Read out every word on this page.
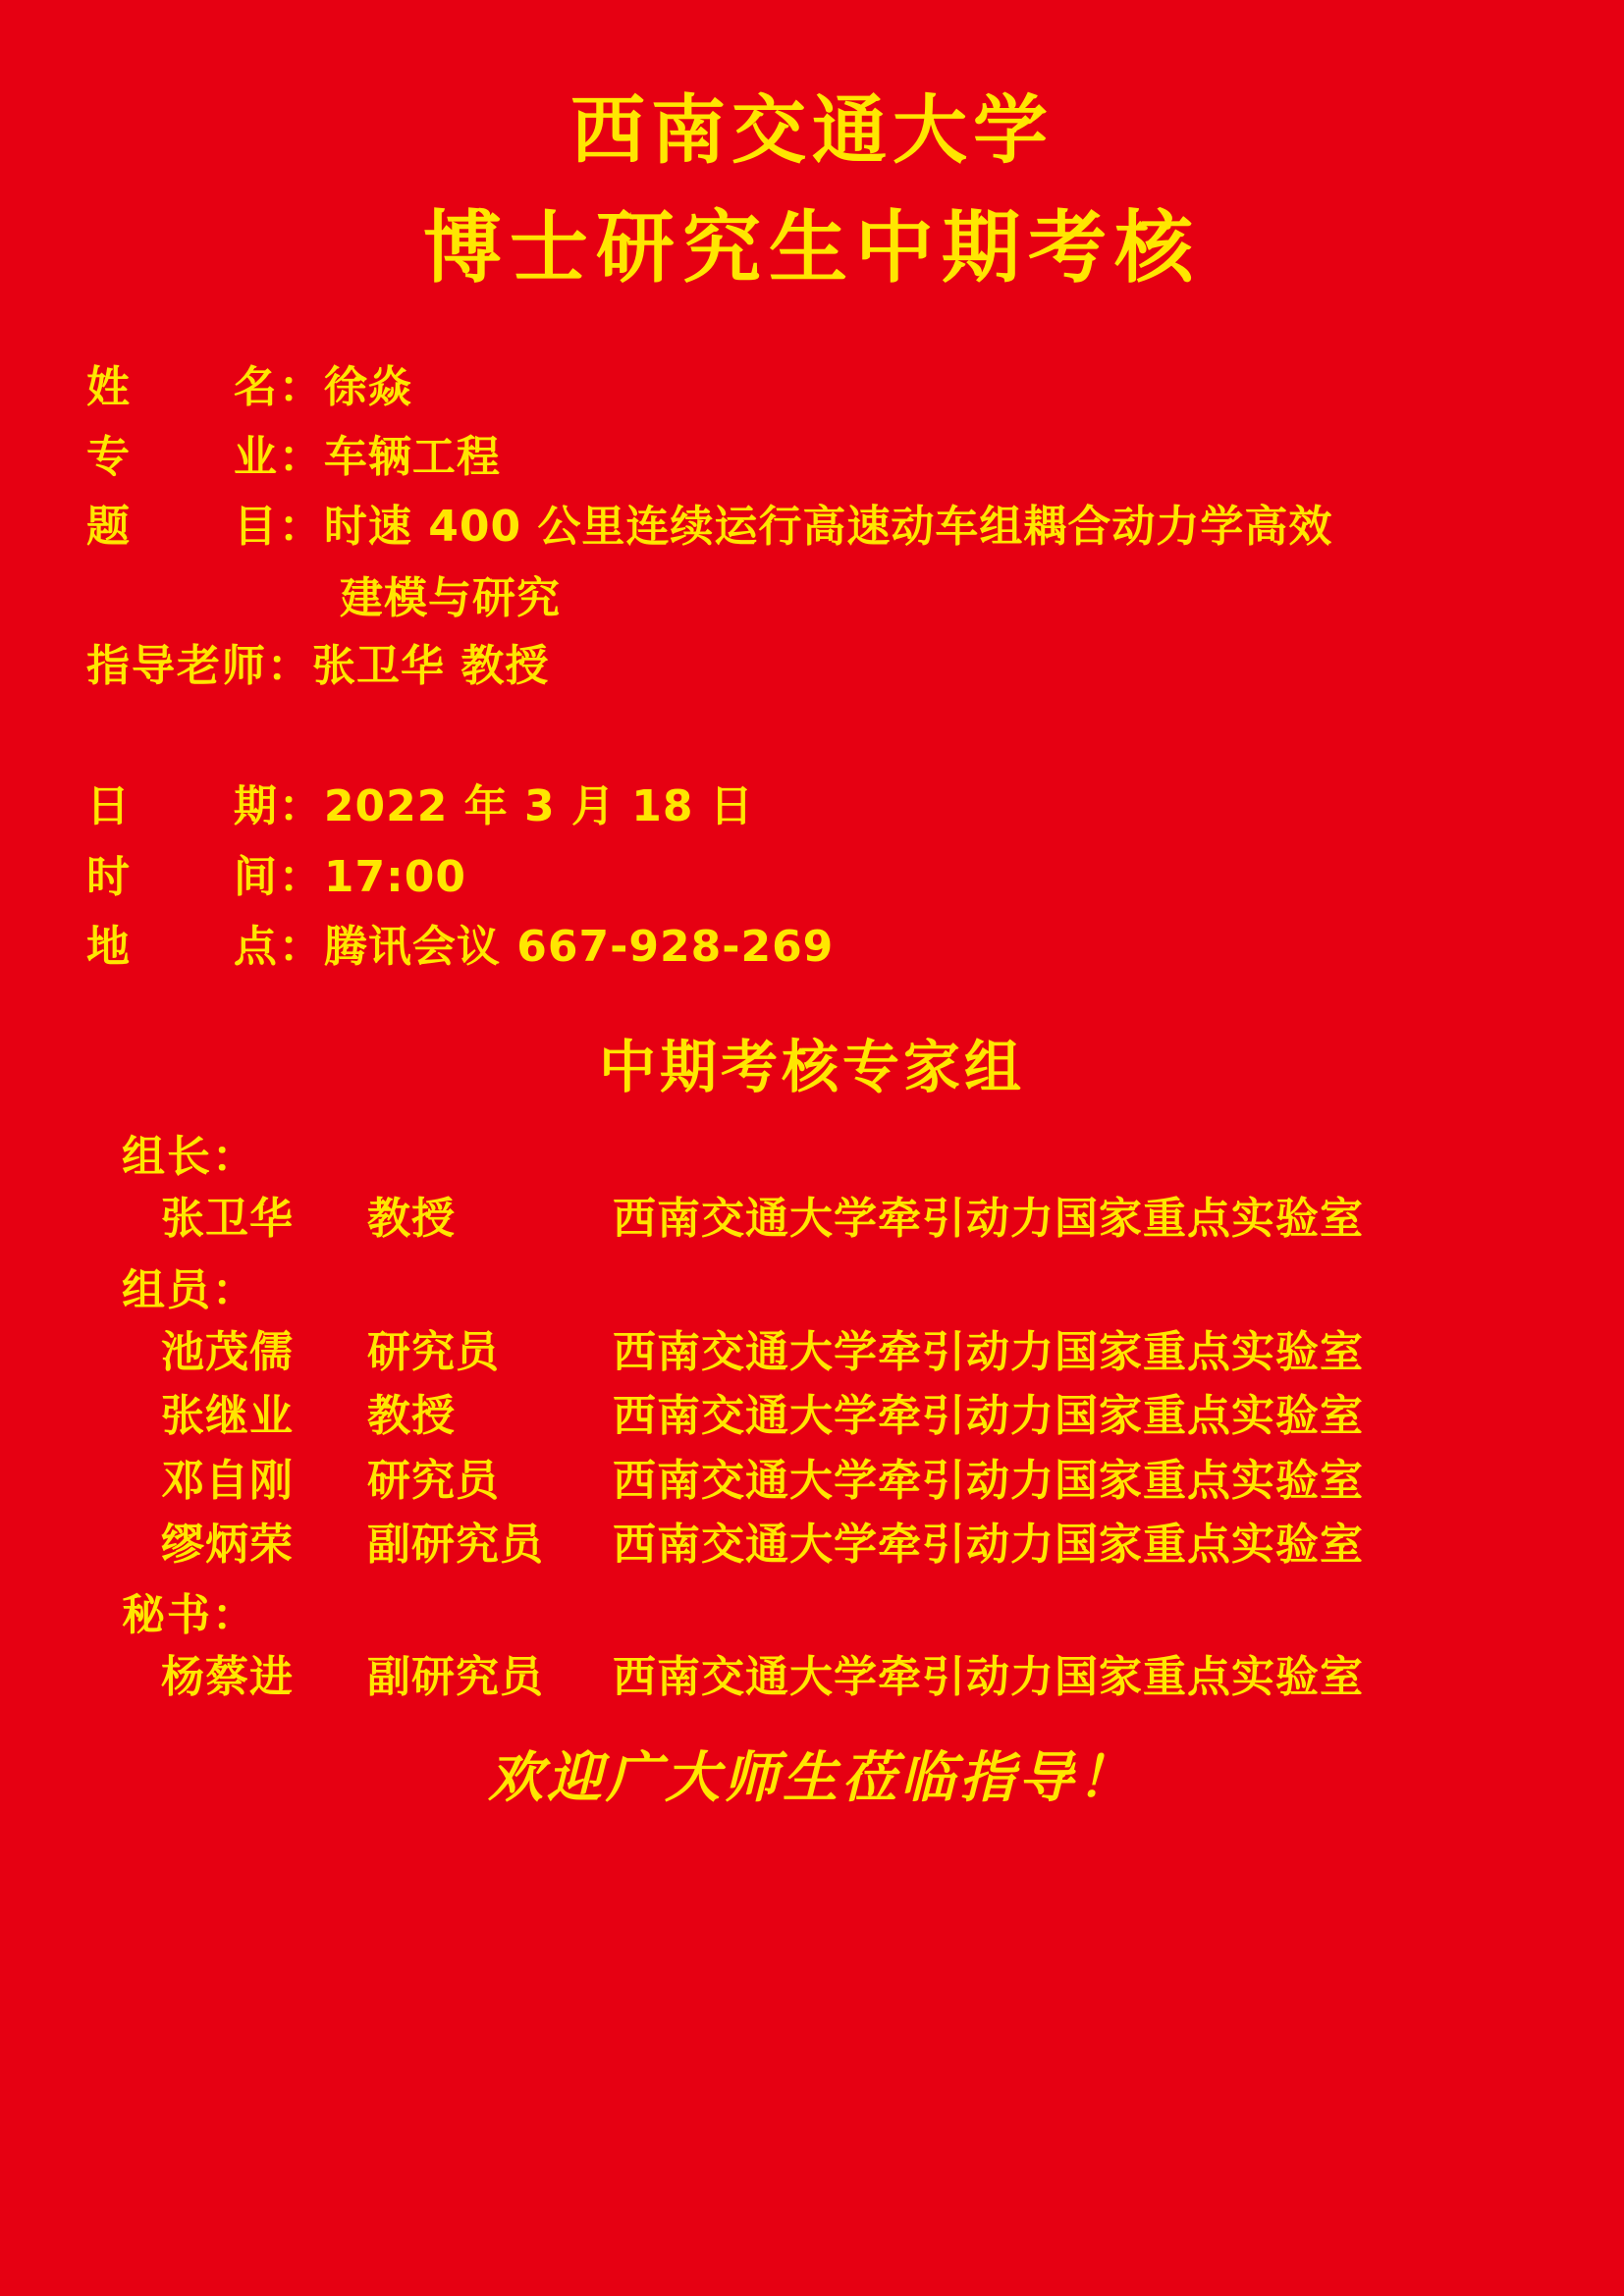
西南交通大学
博士研究生中期考核
姓      名： 徐焱
专      业： 车辆工程
题      目： 时速 400 公里连续运行高速动车组耦合动力学高效
建模与研究
指导老师： 张卫华 教授
日      期： 2022 年 3 月 18 日
时      间： 17:00
地      点： 腾讯会议 667-928-269
中期考核专家组
组长：
张卫华	教授	西南交通大学牵引动力国家重点实验室
组员：
池茂儒	研究员	西南交通大学牵引动力国家重点实验室
张继业	教授	西南交通大学牵引动力国家重点实验室
邓自刚	研究员	西南交通大学牵引动力国家重点实验室
缪炳荣	副研究员	西南交通大学牵引动力国家重点实验室
秘书：
杨蔡进	副研究员	西南交通大学牵引动力国家重点实验室
欢迎广大师生莅临指导！
